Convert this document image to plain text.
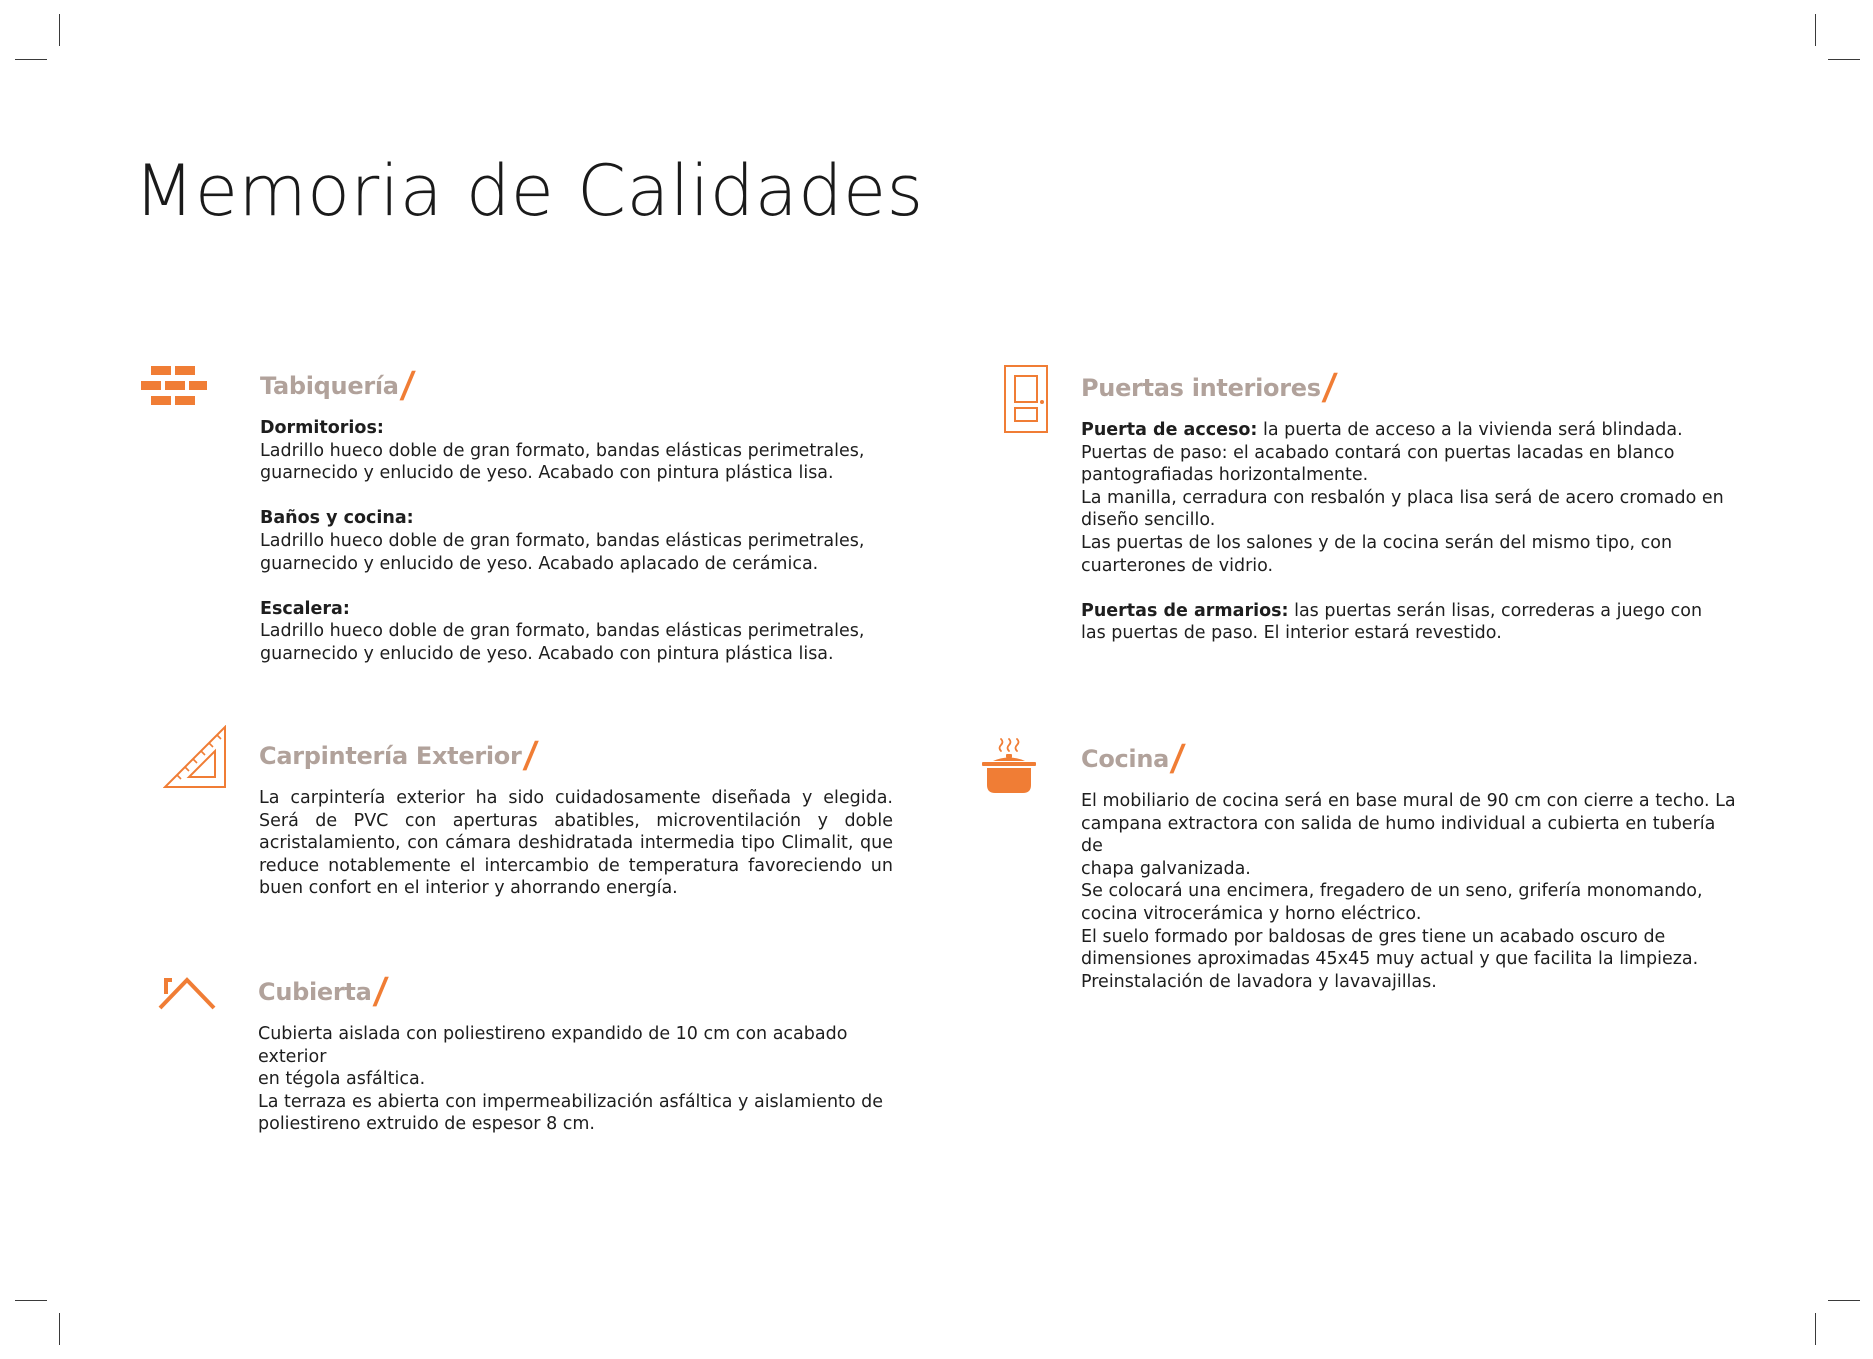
Memoria de Calidades
Tabiquería/

Dormitorios:

Ladrillo hueco doble de gran formato, bandas elásticas perimetrales,

guarnecido y enlucido de yeso. Acabado con pintura plástica lisa.

Baños y cocina:

Ladrillo hueco doble de gran formato, bandas elásticas perimetrales,

guarnecido y enlucido de yeso. Acabado aplacado de cerámica.

Escalera:

Ladrillo hueco doble de gran formato, bandas elásticas perimetrales,

guarnecido y enlucido de yeso. Acabado con pintura plástica lisa.

Carpintería Exterior/

La carpintería exterior ha sido cuidadosamente diseñada y elegida. Será de PVC con aperturas abatibles, microventilación y doble acristalamiento, con cámara deshidratada intermedia tipo Climalit, que reduce notablemente el intercambio de temperatura favoreciendo un buen confort en el interior y ahorrando energía.

Cubierta/

Cubierta aislada con poliestireno expandido de 10 cm con acabado exterior

en tégola asfáltica.

La terraza es abierta con impermeabilización asfáltica y aislamiento de

poliestireno extruido de espesor 8 cm.

Puertas interiores/

Puerta de acceso: la puerta de acceso a la vivienda será blindada.

Puertas de paso: el acabado contará con puertas lacadas en blanco

pantografiadas horizontalmente.

La manilla, cerradura con resbalón y placa lisa será de acero cromado en

diseño sencillo.

Las puertas de los salones y de la cocina serán del mismo tipo, con

cuarterones de vidrio.

Puertas de armarios: las puertas serán lisas, correderas a juego con

las puertas de paso. El interior estará revestido.

Cocina/

El mobiliario de cocina será en base mural de 90 cm con cierre a techo. La

campana extractora con salida de humo individual a cubierta en tubería de

chapa galvanizada.

Se colocará una encimera, fregadero de un seno, grifería monomando,

cocina vitrocerámica y horno eléctrico.

El suelo formado por baldosas de gres tiene un acabado oscuro de

dimensiones aproximadas 45x45 muy actual y que facilita la limpieza.

Preinstalación de lavadora y lavavajillas.
